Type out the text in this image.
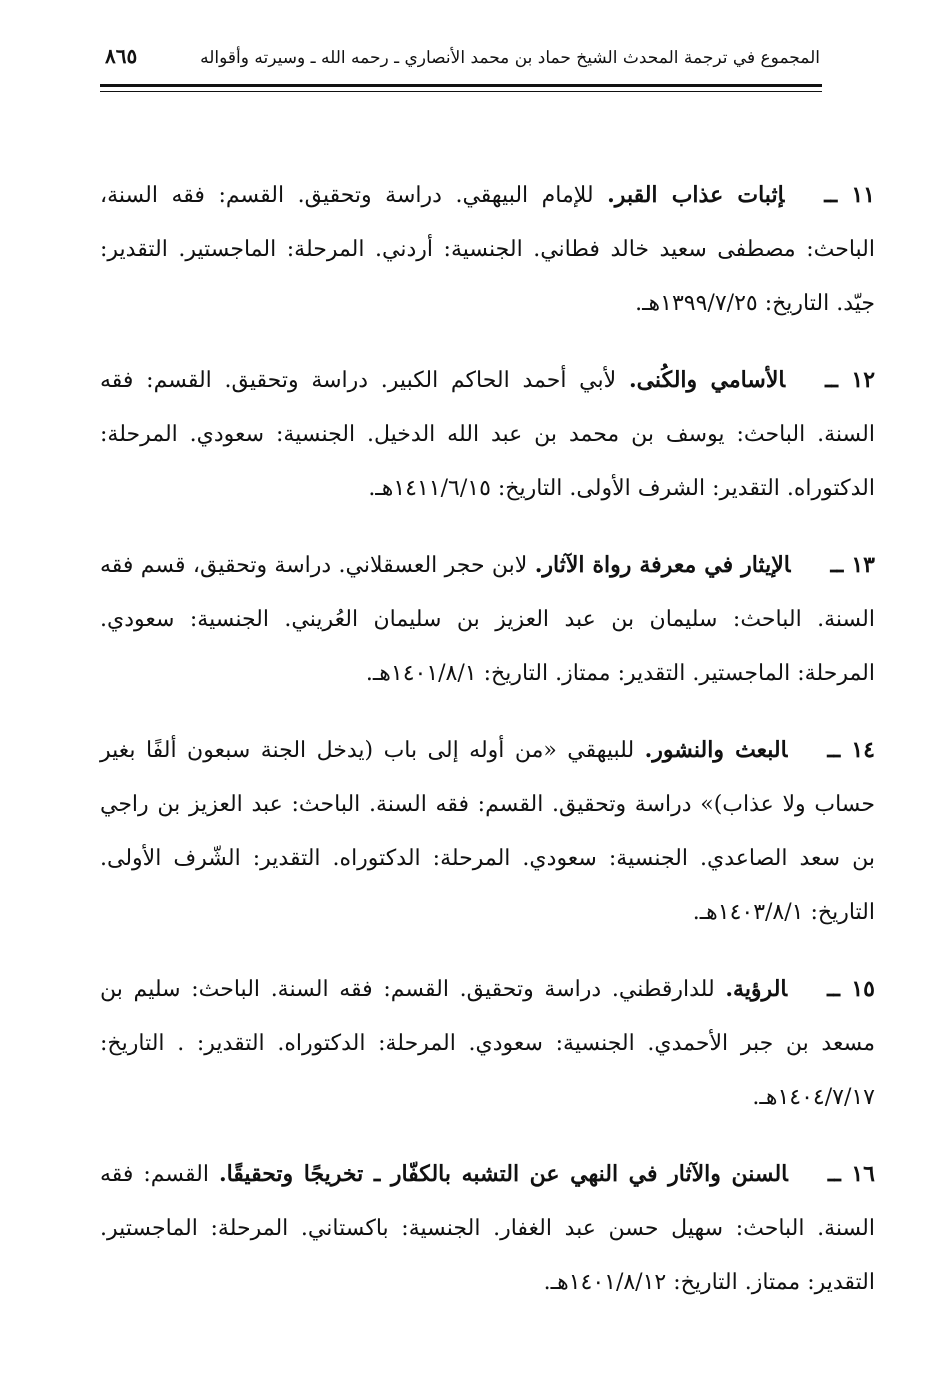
المجموع في ترجمة المحدث الشيخ حماد بن محمد الأنصاري ـ رحمه الله ـ وسيرته وأقواله
٨٦٥

١١ ــإثبات عذاب القبر. للإمام البيهقي. دراسة وتحقيق. القسم: فقه السنة، الباحث: مصطفى سعيد خالد فطاني. الجنسية: أردني. المرحلة: الماجستير. التقدير: جيّد. التاريخ: ١٣٩٩/٧/٢٥هـ.

١٢ ــالأسامي والكُنى. لأبي أحمد الحاكم الكبير. دراسة وتحقيق. القسم: فقه السنة. الباحث: يوسف بن محمد بن عبد الله الدخيل. الجنسية: سعودي. المرحلة: الدكتوراه. التقدير: الشرف الأولى. التاريخ: ١٤١١/٦/١٥هـ.

١٣ ــالإيثار في معرفة رواة الآثار. لابن حجر العسقلاني. دراسة وتحقيق، قسم فقه السنة. الباحث: سليمان بن عبد العزيز بن سليمان العُريني. الجنسية: سعودي. المرحلة: الماجستير. التقدير: ممتاز. التاريخ: ١٤٠١/٨/١هـ.

١٤ ــالبعث والنشور. للبيهقي «من أوله إلى باب (يدخل الجنة سبعون ألفًا بغير حساب ولا عذاب)» دراسة وتحقيق. القسم: فقه السنة. الباحث: عبد العزيز بن راجي بن سعد الصاعدي. الجنسية: سعودي. المرحلة: الدكتوراه. التقدير: الشّرف الأولى. التاريخ: ١٤٠٣/٨/١هـ.

١٥ ــالرؤية. للدارقطني. دراسة وتحقيق. القسم: فقه السنة. الباحث: سليم بن مسعد بن جبر الأحمدي. الجنسية: سعودي. المرحلة: الدكتوراه. التقدير: . التاريخ: ١٤٠٤/٧/١٧هـ.

١٦ ــالسنن والآثار في النهي عن التشبه بالكفّار ـ تخريجًا وتحقيقًا. القسم: فقه السنة. الباحث: سهيل حسن عبد الغفار. الجنسية: باكستاني. المرحلة: الماجستير. التقدير: ممتاز. التاريخ: ١٤٠١/٨/١٢هـ.
